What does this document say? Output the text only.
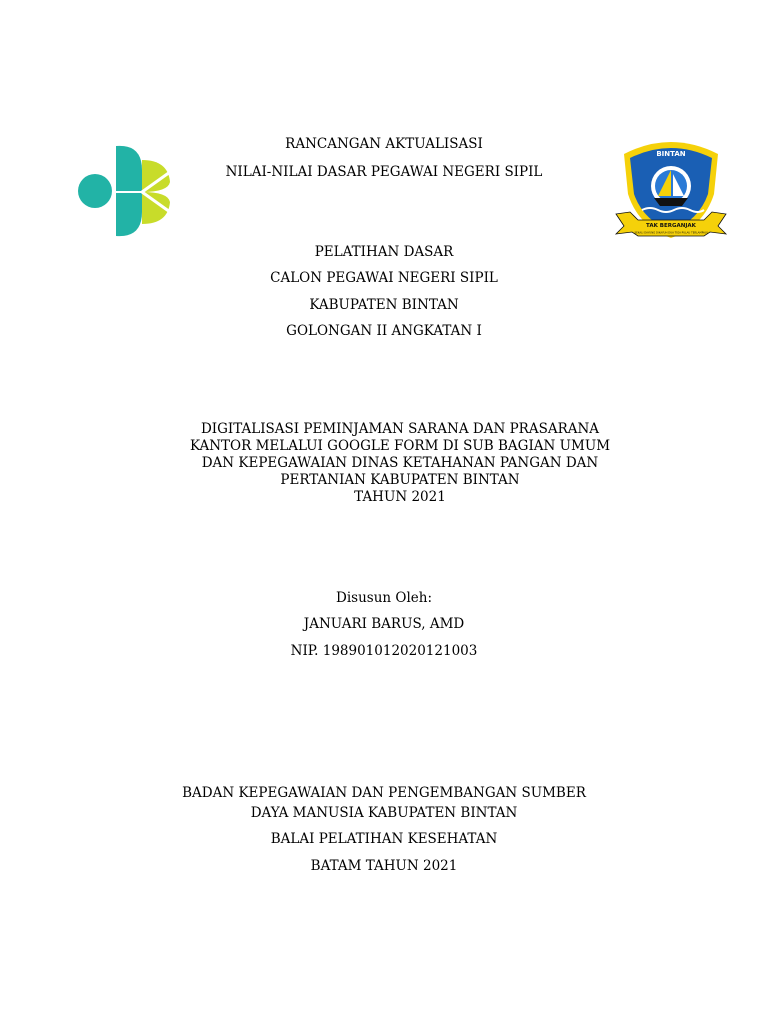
BINTAN
TAK BERGANJAK
SEKALI DAYUNG DIKAYUH DUA TIGA PULAU TERLAMPAUI
RANCANGAN AKTUALISASI
NILAI-NILAI DASAR PEGAWAI NEGERI SIPIL
PELATIHAN DASAR
CALON PEGAWAI NEGERI SIPIL
KABUPATEN BINTAN
GOLONGAN II ANGKATAN I
DIGITALISASI PEMINJAMAN SARANA DAN PRASARANA
KANTOR MELALUI GOOGLE FORM DI SUB BAGIAN UMUM
DAN KEPEGAWAIAN DINAS KETAHANAN PANGAN DAN
PERTANIAN KABUPATEN BINTAN
TAHUN 2021
Disusun Oleh:
JANUARI BARUS, AMD
NIP. 198901012020121003
BADAN KEPEGAWAIAN DAN PENGEMBANGAN SUMBER
DAYA MANUSIA KABUPATEN BINTAN
BALAI PELATIHAN KESEHATAN
BATAM TAHUN 2021
